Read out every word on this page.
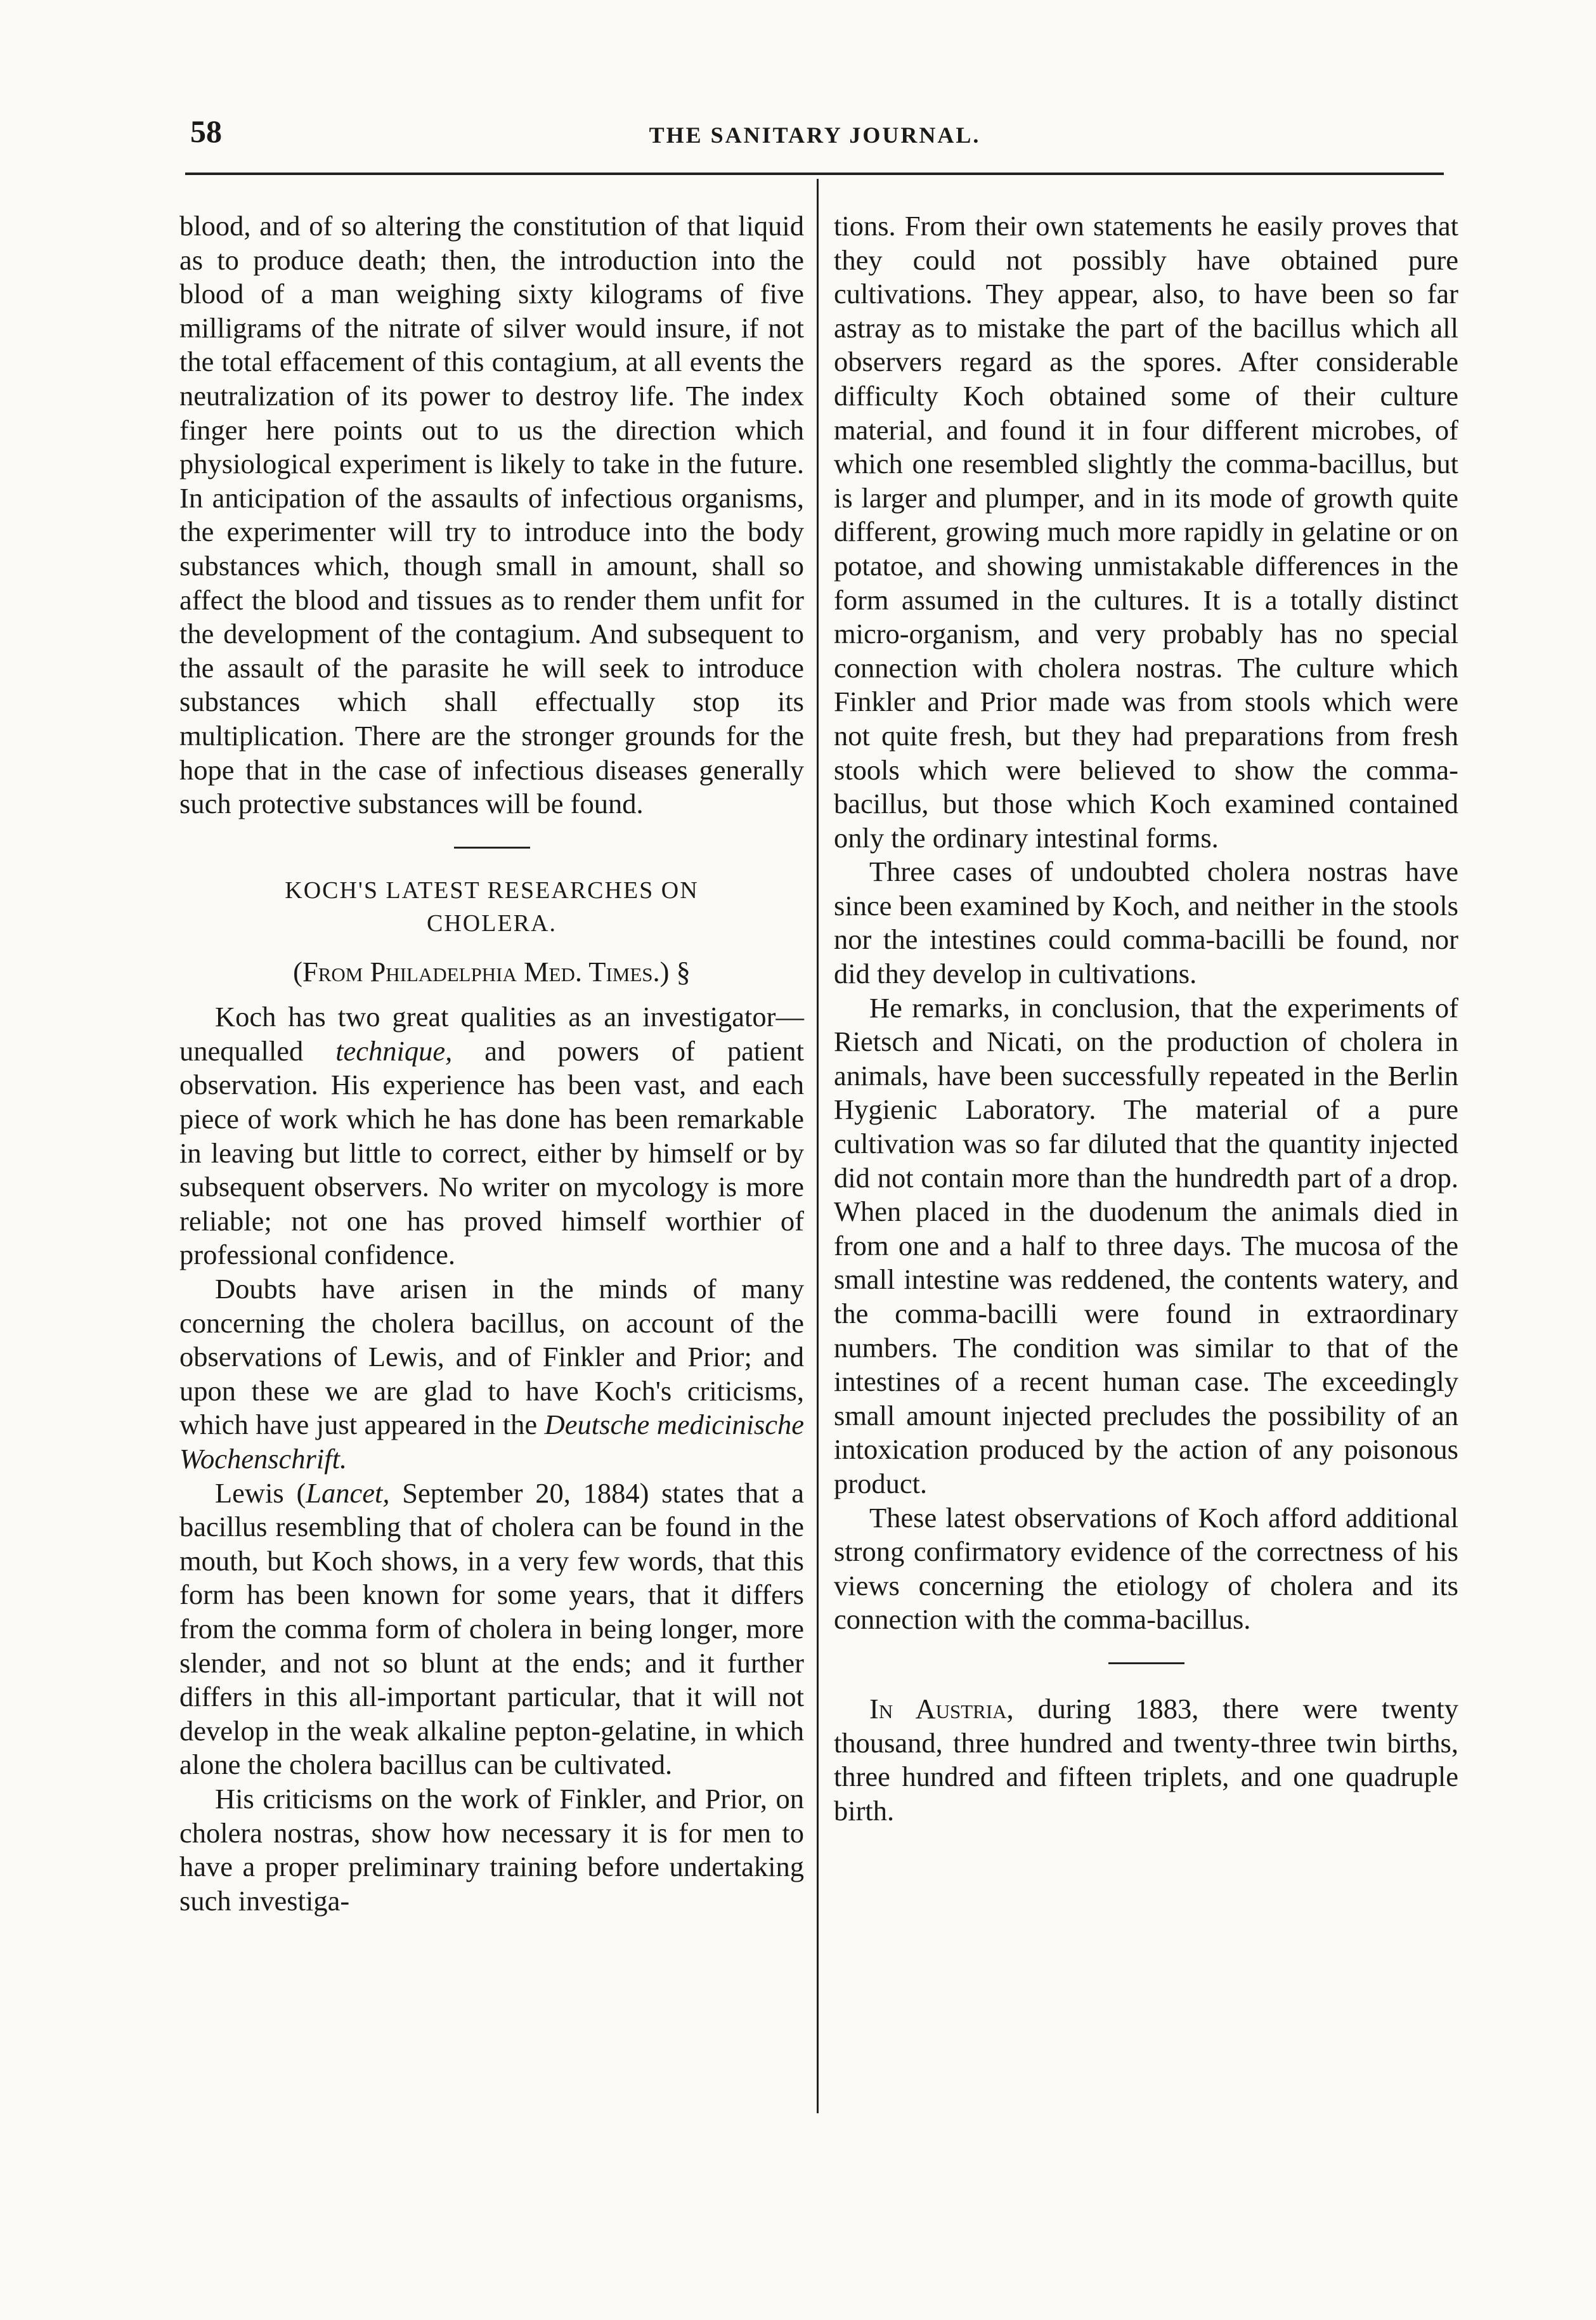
58	THE SANITARY JOURNAL.

blood, and of so altering the constitution of that liquid as to produce death; then, the introduction into the blood of a man weighing sixty kilograms of five milligrams of the nitrate of silver would insure, if not the total effacement of this contagium, at all events the neutralization of its power to destroy life. The index finger here points out to us the direction which physiological experiment is likely to take in the future. In anticipation of the assaults of infectious organisms, the experimenter will try to introduce into the body substances which, though small in amount, shall so affect the blood and tissues as to render them unfit for the development of the contagium. And subsequent to the assault of the parasite he will seek to introduce substances which shall effectually stop its multiplication. There are the stronger grounds for the hope that in the case of infectious diseases generally such protective substances will be found.

KOCH'S LATEST RESEARCHES ON CHOLERA.
(From Philadelphia Med. Times.) §

Koch has two great qualities as an investigator—unequalled technique, and powers of patient observation. His experience has been vast, and each piece of work which he has done has been remarkable in leaving but little to correct, either by himself or by subsequent observers. No writer on mycology is more reliable; not one has proved himself worthier of professional confidence.

Doubts have arisen in the minds of many concerning the cholera bacillus, on account of the observations of Lewis, and of Finkler and Prior; and upon these we are glad to have Koch's criticisms, which have just appeared in the Deutsche medicinische Wochenschrift.

Lewis (Lancet, September 20, 1884) states that a bacillus resembling that of cholera can be found in the mouth, but Koch shows, in a very few words, that this form has been known for some years, that it differs from the comma form of cholera in being longer, more slender, and not so blunt at the ends; and it further differs in this all-important particular, that it will not develop in the weak alkaline pepton-gelatine, in which alone the cholera bacillus can be cultivated.

His criticisms on the work of Finkler, and Prior, on cholera nostras, show how necessary it is for men to have a proper preliminary training before undertaking such investiga-

tions. From their own statements he easily proves that they could not possibly have obtained pure cultivations. They appear, also, to have been so far astray as to mistake the part of the bacillus which all observers regard as the spores. After considerable difficulty Koch obtained some of their culture material, and found it in four different microbes, of which one resembled slightly the comma-bacillus, but is larger and plumper, and in its mode of growth quite different, growing much more rapidly in gelatine or on potatoe, and showing unmistakable differences in the form assumed in the cultures. It is a totally distinct micro-organism, and very probably has no special connection with cholera nostras. The culture which Finkler and Prior made was from stools which were not quite fresh, but they had preparations from fresh stools which were believed to show the comma-bacillus, but those which Koch examined contained only the ordinary intestinal forms.

Three cases of undoubted cholera nostras have since been examined by Koch, and neither in the stools nor the intestines could comma-bacilli be found, nor did they develop in cultivations.

He remarks, in conclusion, that the experiments of Rietsch and Nicati, on the production of cholera in animals, have been successfully repeated in the Berlin Hygienic Laboratory. The material of a pure cultivation was so far diluted that the quantity injected did not contain more than the hundredth part of a drop. When placed in the duodenum the animals died in from one and a half to three days. The mucosa of the small intestine was reddened, the contents watery, and the comma-bacilli were found in extraordinary numbers. The condition was similar to that of the intestines of a recent human case. The exceedingly small amount injected precludes the possibility of an intoxication produced by the action of any poisonous product.

These latest observations of Koch afford additional strong confirmatory evidence of the correctness of his views concerning the etiology of cholera and its connection with the comma-bacillus.

In Austria, during 1883, there were twenty thousand, three hundred and twenty-three twin births, three hundred and fifteen triplets, and one quadruple birth.
